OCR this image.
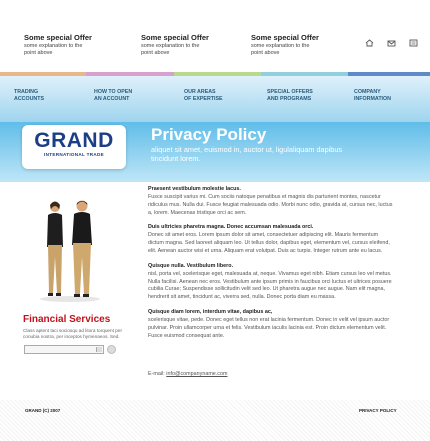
Some special Offer
some explanation to the point above
Some special Offer
some explanation to the point above
Some special Offer
some explanation to the point above
TRADING
ACCOUNTS
HOW TO OPEN
AN ACCOUNT
OUR AREAS
OF EXPERTISE
SPECIAL OFFERS
AND PROGRAMS
COMPANY
INFORMATION
GRAND
INTERNATIONAL TRADE
Privacy Policy
aliquet sit amet, euismod in, auctor ut, ligulaliquam dapibus tincidunt lorem.
Financial Services
Class aptent taci sociosqu ad litora torquent per conubia nostra, per inceptos hymenaeos. Sed.
Praesent vestibulum molestie lacus.
Fusce suscipit varius mi. Cum sociis natoque penatibus et magnis dis parturient montes, nascetur ridiculus mus. Nulla dui. Fusce feugiat malesuada odio. Morbi nunc odio, gravida at, cursus nec, luctus a, lorem. Maecenas tristique orci ac sem.
Duis ultricies pharetra magna. Donec accumsan malesuada orci.
Donec sit amet eros. Lorem ipsum dolor sit amet, consectetuer adipiscing elit. Mauris fermentum dictum magna. Sed laoreet aliquam leo. Ut tellus dolor, dapibus eget, elementum vel, cursus eleifend, elit. Aenean auctor wisi et urna. Aliquam erat volutpat. Duis ac turpis. Integer rutrum ante eu lacus.
Quisque nulla. Vestibulum libero.
nisl, porta vel, scelerisque eget, malesuada at, neque. Vivamus eget nibh. Etiam cursus leo vel metus. Nulla facilisi. Aenean nec eros. Vestibulum ante ipsum primis in faucibus orci luctus et ultrices posuere cubilia Curae; Suspendisse sollicitudin velit sed leo. Ut pharetra augue nec augue. Nam elit magna, hendrerit sit amet, tincidunt ac, viverra sed, nulla. Donec porta diam eu massa.
Quisque diam lorem, interdum vitae, dapibus ac,
scelerisque vitae, pede. Donec eget tellus non erat lacinia fermentum. Donec in velit vel ipsum auctor pulvinar. Proin ullamcorper urna et felis. Vestibulum iaculis lacinia est. Proin dictum elementum velit. Fusce euismod consequat ante.
E-mail: info@companyname.com
GRAND (C) 2007	PRIVACY POLICY
